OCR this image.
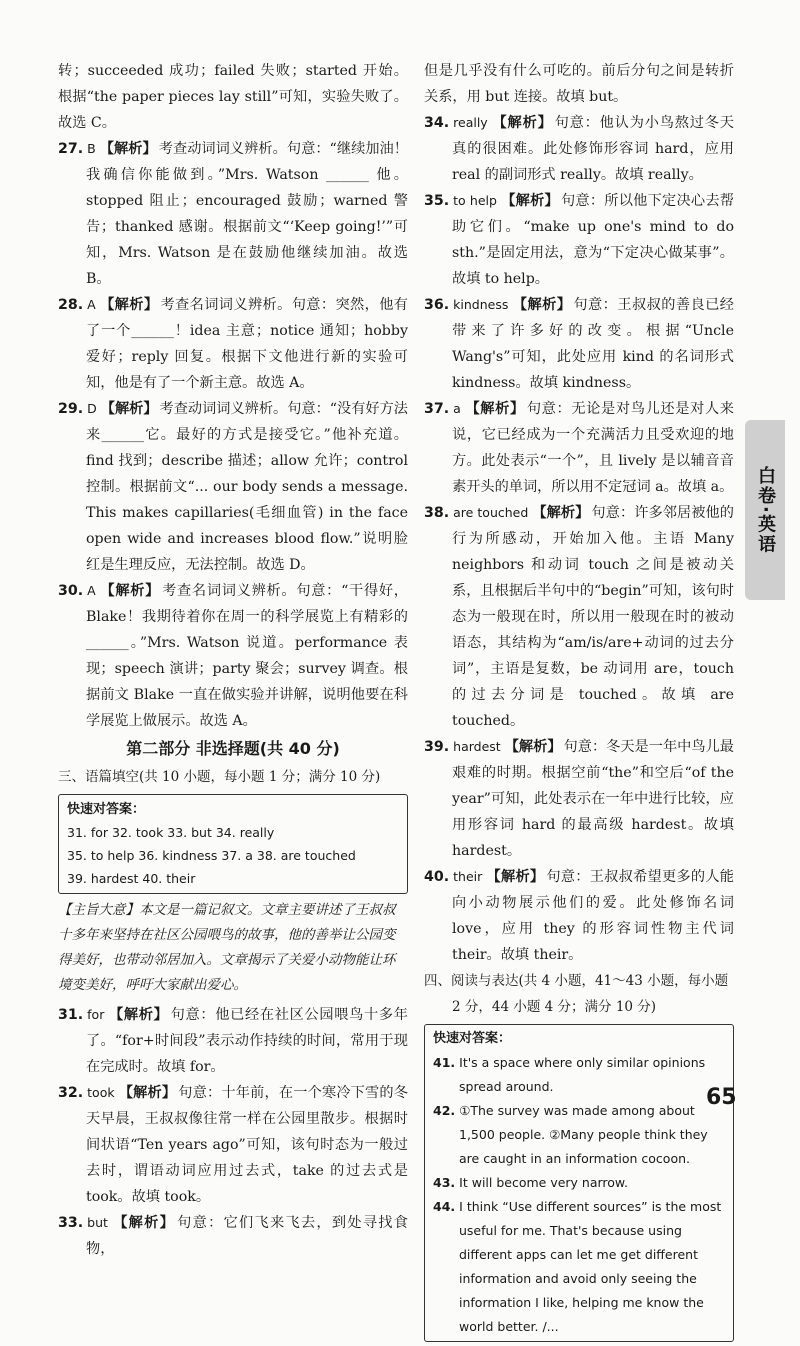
转；succeeded 成功；failed 失败；started 开始。根据“the paper pieces lay still”可知，实验失败了。故选 C。

27. B 【解析】 考查动词词义辨析。句意：“继续加油！我确信你能做到。”Mrs. Watson ______ 他。stopped 阻止；encouraged 鼓励；warned 警告；thanked 感谢。根据前文“‘Keep going!’”可知，Mrs. Watson 是在鼓励他继续加油。故选 B。

28. A 【解析】 考查名词词义辨析。句意：突然，他有了一个______！idea 主意；notice 通知；hobby 爱好；reply 回复。根据下文他进行新的实验可知，他是有了一个新主意。故选 A。

29. D 【解析】 考查动词词义辨析。句意：“没有好方法来______它。最好的方式是接受它。”他补充道。find 找到；describe 描述；allow 允许；control 控制。根据前文“... our body sends a message. This makes capillaries(毛细血管) in the face open wide and increases blood flow.”说明脸红是生理反应，无法控制。故选 D。

30. A 【解析】 考查名词词义辨析。句意：“干得好，Blake！我期待着你在周一的科学展览上有精彩的______。”Mrs. Watson 说道。performance 表现；speech 演讲；party 聚会；survey 调查。根据前文 Blake 一直在做实验并讲解，说明他要在科学展览上做展示。故选 A。

第二部分 非选择题(共 40 分)

三、语篇填空(共 10 小题，每小题 1 分；满分 10 分)

快速对答案：
31. for 32. took 33. but 34. really
35. to help 36. kindness 37. a 38. are touched
39. hardest 40. their

【主旨大意】本文是一篇记叙文。文章主要讲述了王叔叔十多年来坚持在社区公园喂鸟的故事，他的善举让公园变得美好，也带动邻居加入。文章揭示了关爱小动物能让环境变美好，呼吁大家献出爱心。

31. for 【解析】 句意：他已经在社区公园喂鸟十多年了。“for+时间段”表示动作持续的时间，常用于现在完成时。故填 for。

32. took 【解析】 句意：十年前，在一个寒冷下雪的冬天早晨，王叔叔像往常一样在公园里散步。根据时间状语“Ten years ago”可知，该句时态为一般过去时，谓语动词应用过去式，take 的过去式是 took。故填 took。

33. but 【解析】 句意：它们飞来飞去，到处寻找食物，

但是几乎没有什么可吃的。前后分句之间是转折关系，用 but 连接。故填 but。

34. really 【解析】 句意：他认为小鸟熬过冬天真的很困难。此处修饰形容词 hard，应用 real 的副词形式 really。故填 really。

35. to help 【解析】 句意：所以他下定决心去帮助它们。“make up one's mind to do sth.”是固定用法，意为“下定决心做某事”。故填 to help。

36. kindness 【解析】 句意：王叔叔的善良已经带来了许多好的改变。根据“Uncle Wang's”可知，此处应用 kind 的名词形式 kindness。故填 kindness。

37. a 【解析】 句意：无论是对鸟儿还是对人来说，它已经成为一个充满活力且受欢迎的地方。此处表示“一个”，且 lively 是以辅音音素开头的单词，所以用不定冠词 a。故填 a。

38. are touched 【解析】 句意：许多邻居被他的行为所感动，开始加入他。主语 Many neighbors 和动词 touch 之间是被动关系，且根据后半句中的“begin”可知，该句时态为一般现在时，所以用一般现在时的被动语态，其结构为“am/is/are+动词的过去分词”，主语是复数，be 动词用 are，touch 的过去分词是 touched。故填 are touched。

39. hardest 【解析】 句意：冬天是一年中鸟儿最艰难的时期。根据空前“the”和空后“of the year”可知，此处表示在一年中进行比较，应用形容词 hard 的最高级 hardest。故填 hardest。

40. their 【解析】 句意：王叔叔希望更多的人能向小动物展示他们的爱。此处修饰名词 love，应用 they 的形容词性物主代词 their。故填 their。

四、阅读与表达(共 4 小题，41～43 小题，每小题 2 分，44 小题 4 分；满分 10 分)

快速对答案：
41. It's a space where only similar opinions spread around.
42. ①The survey was made among about 1,500 people. ②Many people think they are caught in an information cocoon.
43. It will become very narrow.
44. I think “Use different sources” is the most useful for me. That's because using different apps can let me get different information and avoid only seeing the information I like, helping me know the world better. /...
白卷·英语
65
